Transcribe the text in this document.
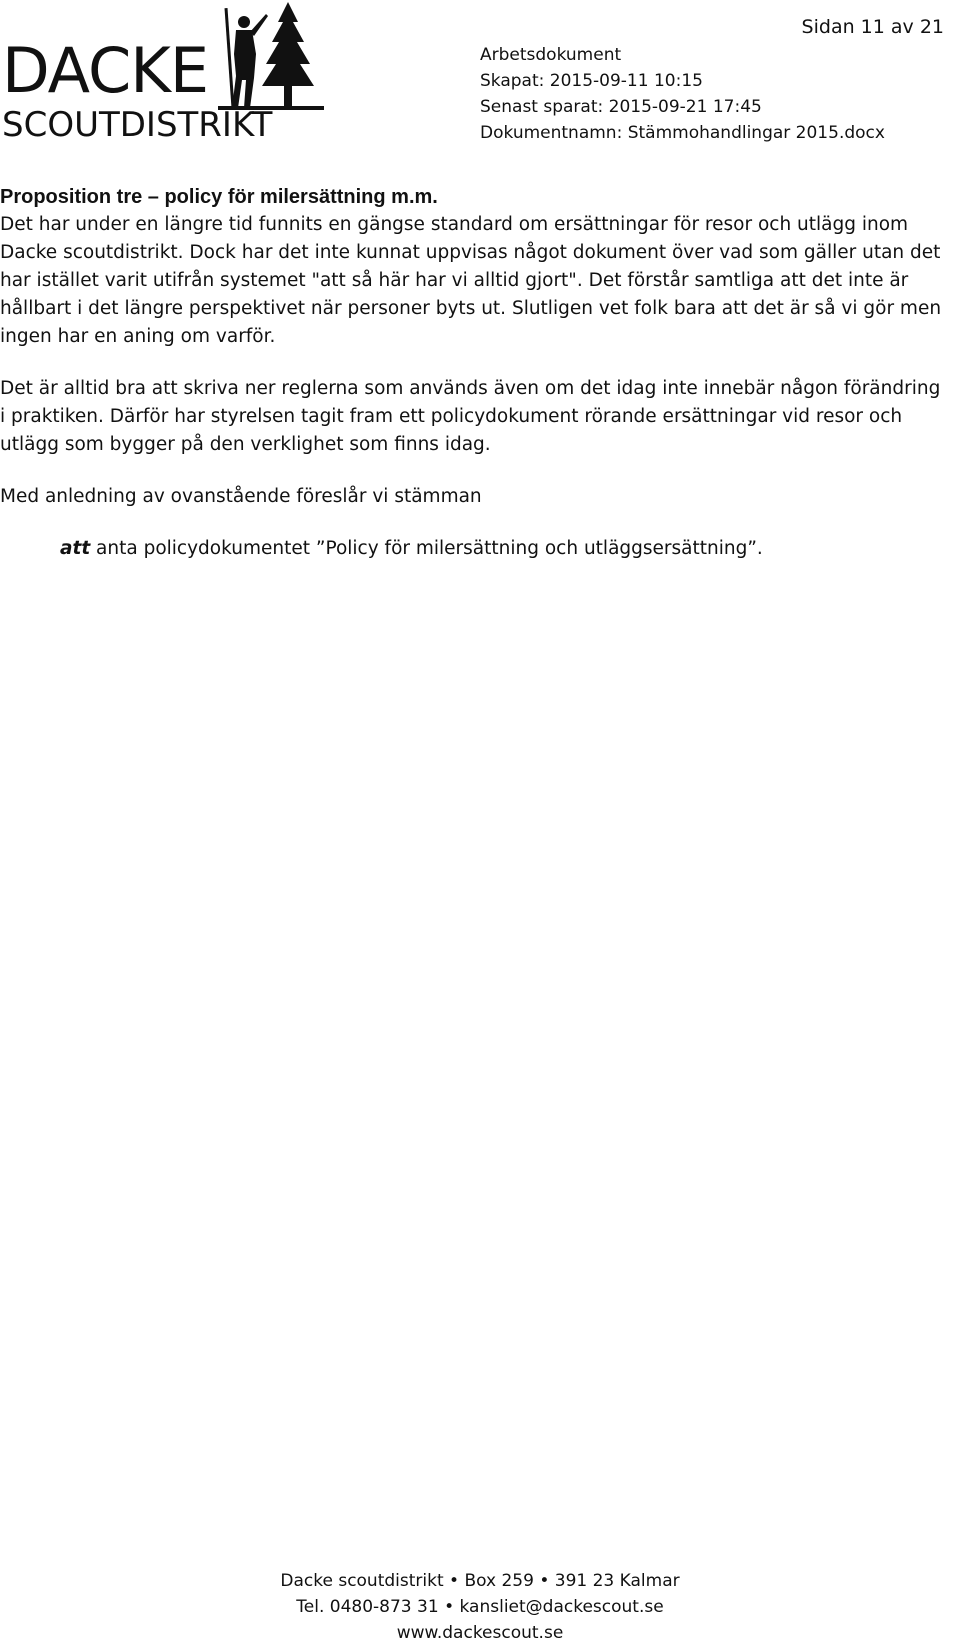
Sidan 11 av 21
DACKE
SCOUTDISTRIKT
Arbetsdokument
Skapat: 2015-09-11 10:15
Senast sparat: 2015-09-21 17:45
Dokumentnamn: Stämmohandlingar 2015.docx
Proposition tre – policy för milersättning m.m.

Det har under en längre tid funnits en gängse standard om ersättningar för resor och utlägg inom Dacke scoutdistrikt. Dock har det inte kunnat uppvisas något dokument över vad som gäller utan det har istället varit utifrån systemet "att så här har vi alltid gjort". Det förstår samtliga att det inte är hållbart i det längre perspektivet när personer byts ut. Slutligen vet folk bara att det är så vi gör men ingen har en aning om varför.

Det är alltid bra att skriva ner reglerna som används även om det idag inte innebär någon förändring i praktiken. Därför har styrelsen tagit fram ett policydokument rörande ersättningar vid resor och utlägg som bygger på den verklighet som finns idag.

Med anledning av ovanstående föreslår vi stämman

att anta policydokumentet ”Policy för milersättning och utläggsersättning”.

Dacke scoutdistrikt • Box 259 • 391 23 Kalmar
Tel. 0480-873 31 • kansliet@dackescout.se
www.dackescout.se
